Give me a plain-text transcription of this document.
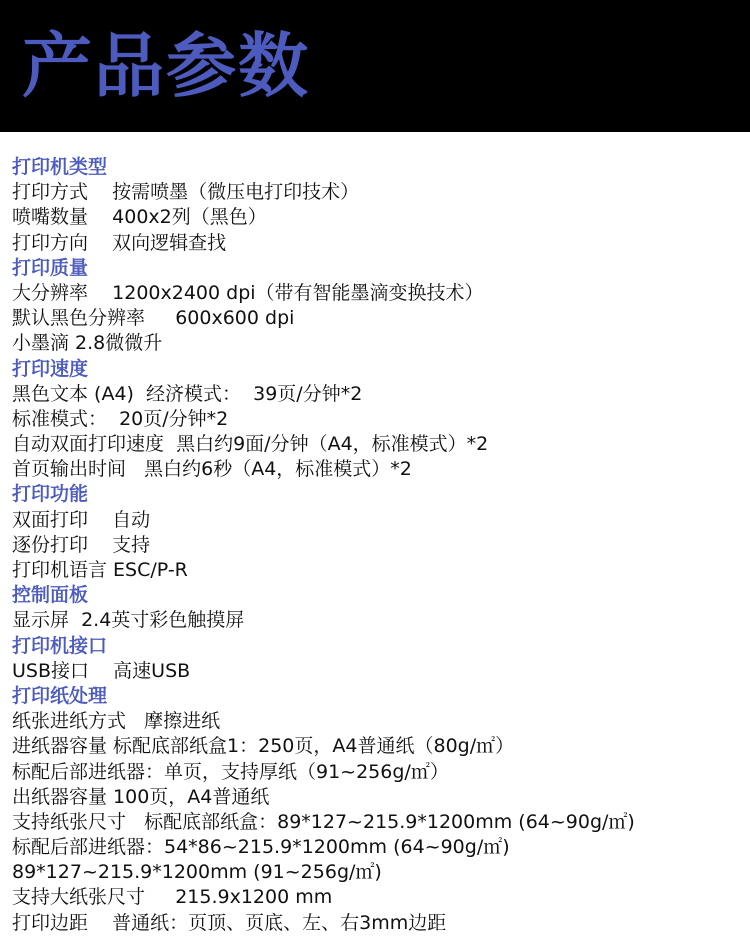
产品参数
打印机类型
打印方式    按需喷墨（微压电打印技术）
喷嘴数量    400x2列（黑色）
打印方向    双向逻辑查找
打印质量
大分辨率    1200x2400 dpi（带有智能墨滴变换技术）
默认黑色分辨率     600x600 dpi
小墨滴 2.8微微升
打印速度
黑色文本 (A4)  经济模式：  39页/分钟*2
标准模式：  20页/分钟*2
自动双面打印速度  黑白约9面/分钟（A4，标准模式）*2
首页输出时间   黑白约6秒（A4，标准模式）*2
打印功能
双面打印    自动
逐份打印    支持
打印机语言 ESC/P-R
控制面板
显示屏  2.4英寸彩色触摸屏
打印机接口
USB接口    高速USB
打印纸处理
纸张进纸方式   摩擦进纸
进纸器容量 标配底部纸盒1：250页，A4普通纸（80g/㎡）
标配后部进纸器：单页，支持厚纸（91~256g/㎡）
出纸器容量 100页，A4普通纸
支持纸张尺寸   标配底部纸盒：89*127~215.9*1200mm (64~90g/㎡)
标配后部进纸器：54*86~215.9*1200mm (64~90g/㎡)
89*127~215.9*1200mm (91~256g/㎡)
支持大纸张尺寸     215.9x1200 mm
打印边距    普通纸：页顶、页底、左、右3mm边距
